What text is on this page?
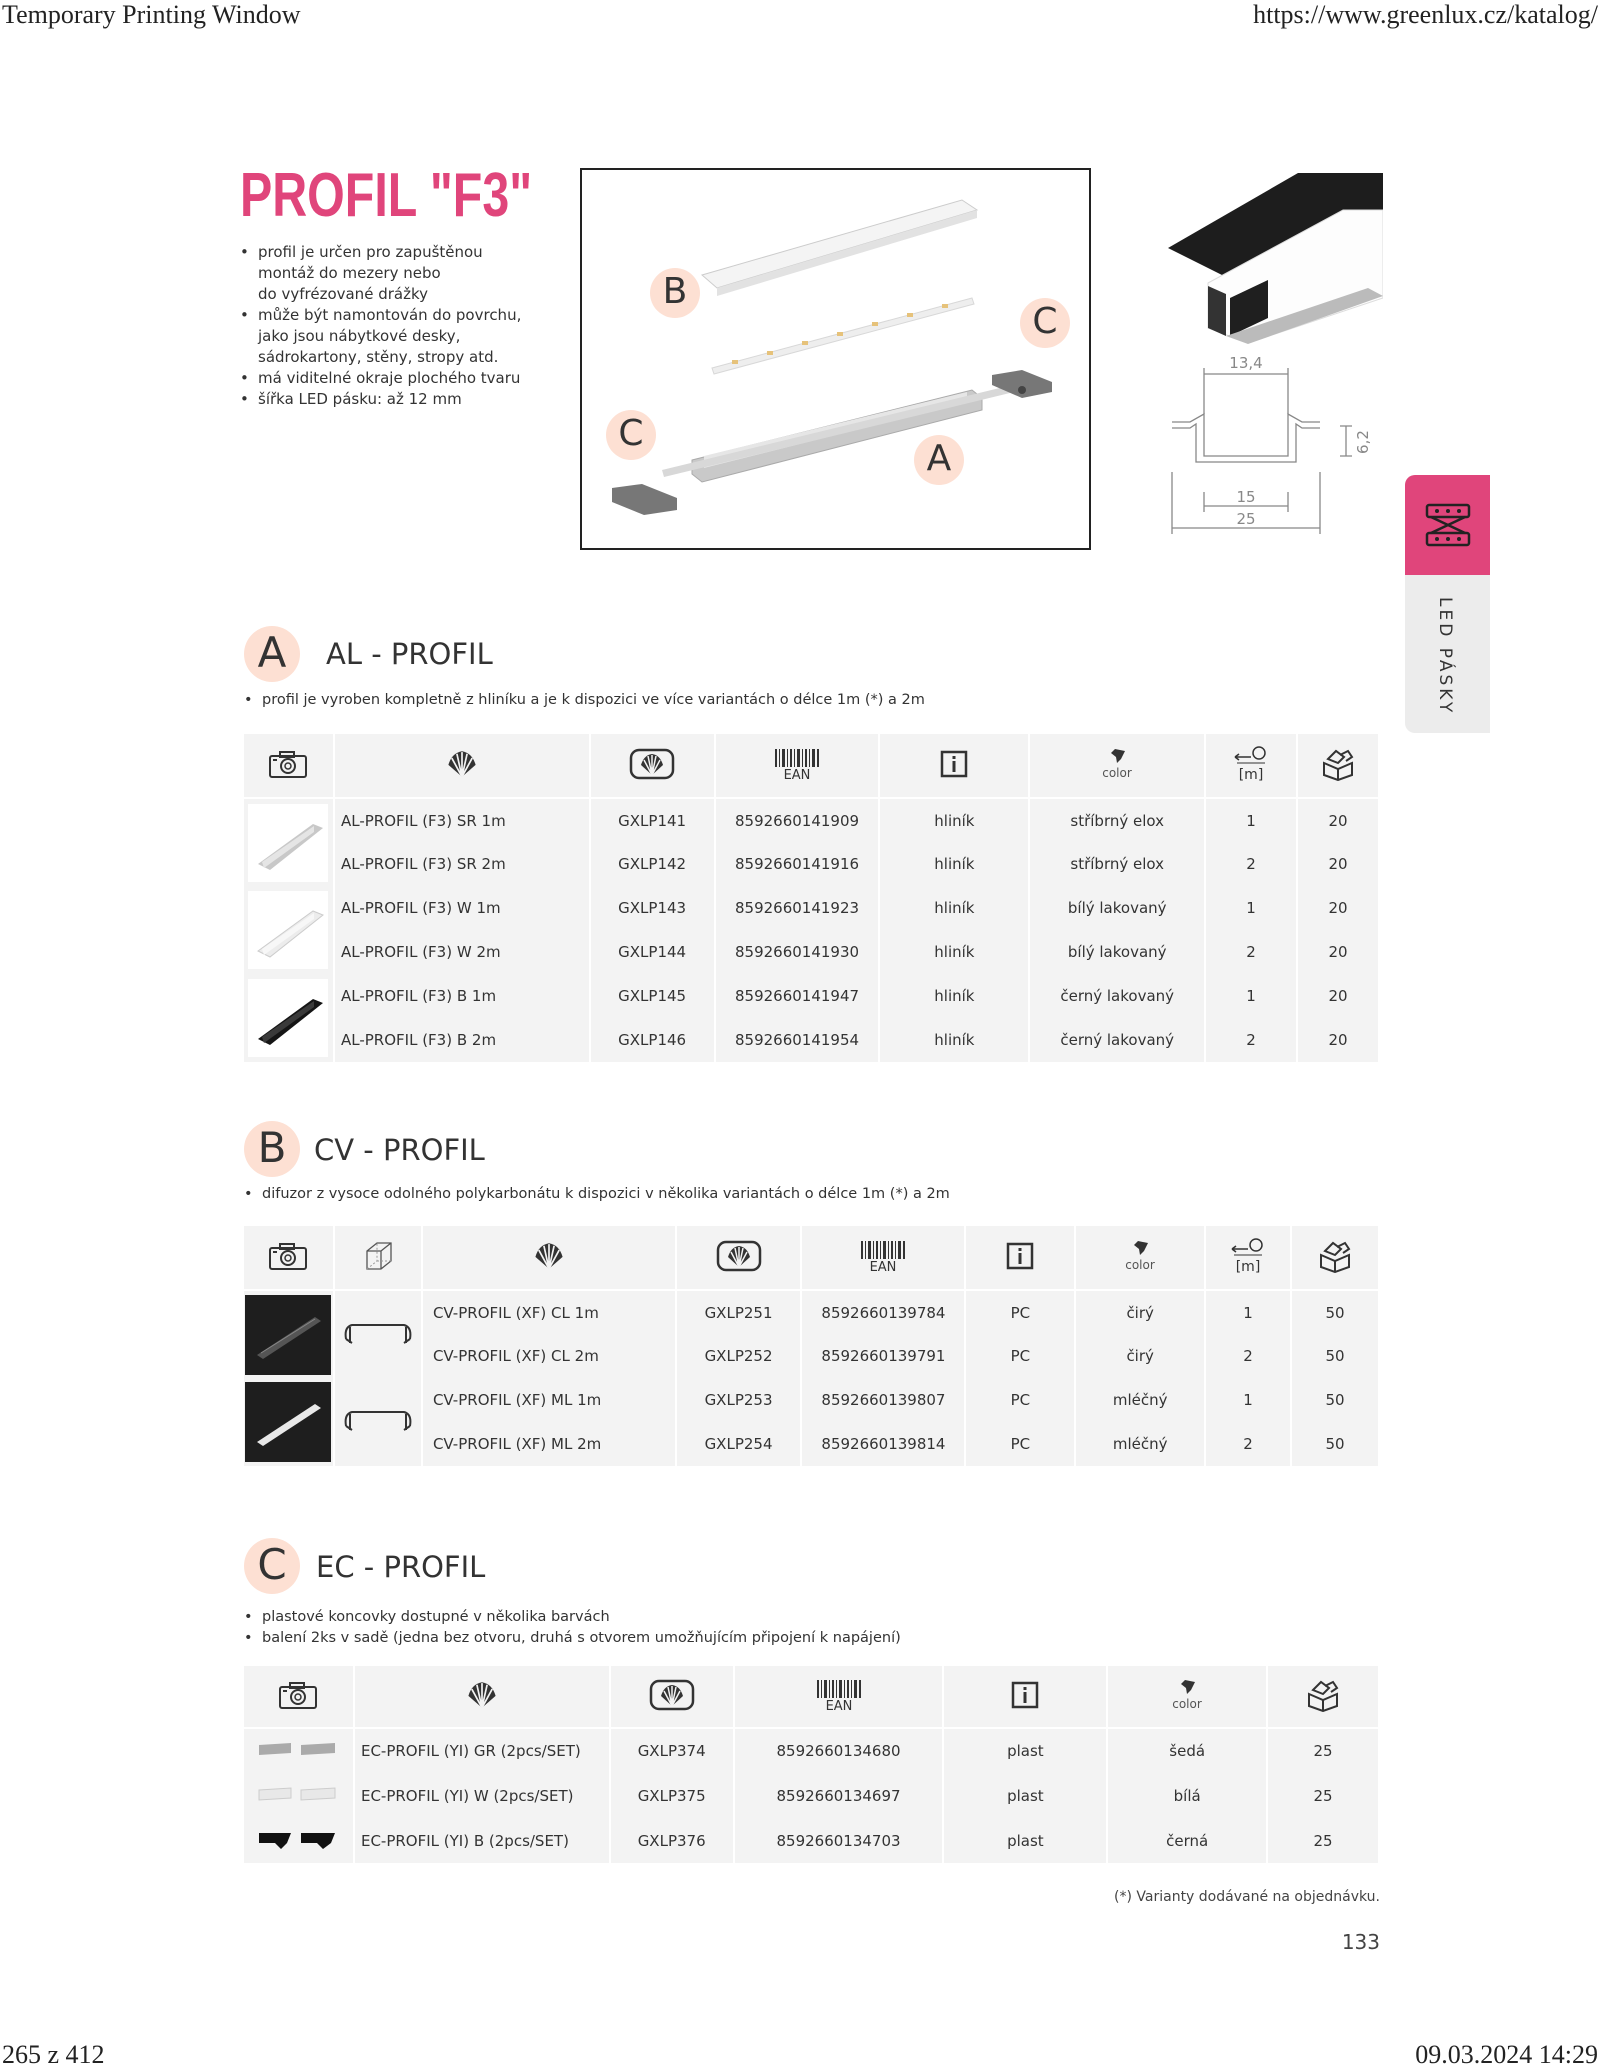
Temporary Printing Window	https://www.greenlux.cz/katalog/
265 z 412	09.03.2024 14:29
PROFIL "F3"
• profil je určen pro zapuštěnou
montáž do mezery nebo
do vyfrézované drážky
• může být namontován do povrchu,
jako jsou nábytkové desky,
sádrokartony, stěny, stropy atd.
• má viditelné okraje plochého tvaru
• šířka LED pásku: až 12 mm
B
C
C
A
13,4
15
25
6,2
LED PÁSKY
A	AL - PROFIL
• profil je vyroben kompletně z hliníku a je k dispozici ve více variantách o délce 1m (*) a 2m

	AL-PROFIL (F3) SR 1m	GXLP141	8592660141909	hliník	stříbrný elox	1	20
	AL-PROFIL (F3) SR 2m	GXLP142	8592660141916	hliník	stříbrný elox	2	20

	AL-PROFIL (F3) W 1m	GXLP143	8592660141923	hliník	bílý lakovaný	1	20
	AL-PROFIL (F3) W 2m	GXLP144	8592660141930	hliník	bílý lakovaný	2	20

	AL-PROFIL (F3) B 1m	GXLP145	8592660141947	hliník	černý lakovaný	1	20
	AL-PROFIL (F3) B 2m	GXLP146	8592660141954	hliník	černý lakovaný	2	20
B CV - PROFIL
• difuzor z vysoce odolného polykarbonátu k dispozici v několika variantách o délce 1m (*) a 2m

		CV-PROFIL (XF) CL 1m	GXLP251	8592660139784	PC	čirý	1	50
		CV-PROFIL (XF) CL 2m	GXLP252	8592660139791	PC	čirý	2	50

		CV-PROFIL (XF) ML 1m	GXLP253	8592660139807	PC	mléčný	1	50
		CV-PROFIL (XF) ML 2m	GXLP254	8592660139814	PC	mléčný	2	50
C	EC - PROFIL
• plastové koncovky dostupné v několika barvách
• balení 2ks v sadě (jedna bez otvoru, druhá s otvorem umožňujícím připojení k napájení)

	EC-PROFIL (YI) GR (2pcs/SET)	GXLP374	8592660134680	plast	šedá	25
	EC-PROFIL (YI) W (2pcs/SET)	GXLP375	8592660134697	plast	bílá	25
	EC-PROFIL (YI) B (2pcs/SET)	GXLP376	8592660134703	plast	černá	25
(*) Varianty dodávané na objednávku.
133
